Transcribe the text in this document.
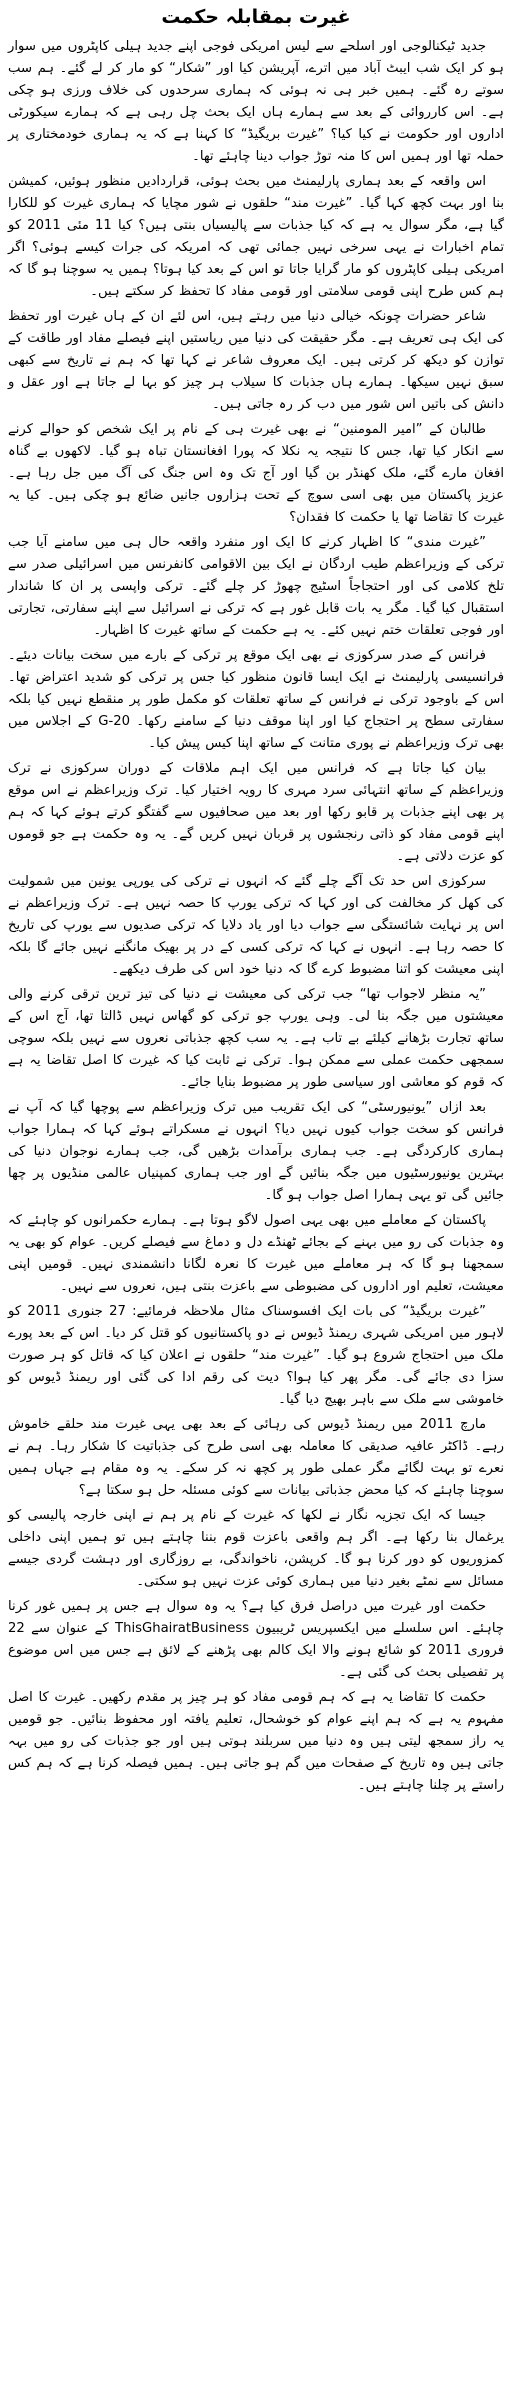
غیرت بمقابلہ حکمت

جدید ٹیکنالوجی اور اسلحے سے لیس امریکی فوجی اپنے جدید ہیلی کاپٹروں میں سوار ہو کر ایک شب ایبٹ آباد میں اترے، آپریشن کیا اور ”شکار“ کو مار کر لے گئے۔ ہم سب سوتے رہ گئے۔ ہمیں خبر ہی نہ ہوئی کہ ہماری سرحدوں کی خلاف ورزی ہو چکی ہے۔ اس کارروائی کے بعد سے ہمارے ہاں ایک بحث چل رہی ہے کہ ہمارے سیکورٹی اداروں اور حکومت نے کیا کیا؟ ”غیرت بریگیڈ“ کا کہنا ہے کہ یہ ہماری خودمختاری پر حملہ تھا اور ہمیں اس کا منہ توڑ جواب دینا چاہئے تھا۔

اس واقعہ کے بعد ہماری پارلیمنٹ میں بحث ہوئی، قراردادیں منظور ہوئیں، کمیشن بنا اور بہت کچھ کہا گیا۔ ”غیرت مند“ حلقوں نے شور مچایا کہ ہماری غیرت کو للکارا گیا ہے، مگر سوال یہ ہے کہ کیا جذبات سے پالیسیاں بنتی ہیں؟ کیا 11 مئی 2011 کو تمام اخبارات نے یہی سرخی نہیں جمائی تھی کہ امریکہ کی جرات کیسے ہوئی؟ اگر امریکی ہیلی کاپٹروں کو مار گرایا جاتا تو اس کے بعد کیا ہوتا؟ ہمیں یہ سوچنا ہو گا کہ ہم کس طرح اپنی قومی سلامتی اور قومی مفاد کا تحفظ کر سکتے ہیں۔

شاعر حضرات چونکہ خیالی دنیا میں رہتے ہیں، اس لئے ان کے ہاں غیرت اور تحفظ کی ایک ہی تعریف ہے۔ مگر حقیقت کی دنیا میں ریاستیں اپنے فیصلے مفاد اور طاقت کے توازن کو دیکھ کر کرتی ہیں۔ ایک معروف شاعر نے کہا تھا کہ ہم نے تاریخ سے کبھی سبق نہیں سیکھا۔ ہمارے ہاں جذبات کا سیلاب ہر چیز کو بہا لے جاتا ہے اور عقل و دانش کی باتیں اس شور میں دب کر رہ جاتی ہیں۔

طالبان کے ”امیر المومنین“ نے بھی غیرت ہی کے نام پر ایک شخص کو حوالے کرنے سے انکار کیا تھا، جس کا نتیجہ یہ نکلا کہ پورا افغانستان تباہ ہو گیا۔ لاکھوں بے گناہ افغان مارے گئے، ملک کھنڈر بن گیا اور آج تک وہ اس جنگ کی آگ میں جل رہا ہے۔ عزیز پاکستان میں بھی اسی سوچ کے تحت ہزاروں جانیں ضائع ہو چکی ہیں۔ کیا یہ غیرت کا تقاضا تھا یا حکمت کا فقدان؟

”غیرت مندی“ کا اظہار کرنے کا ایک اور منفرد واقعہ حال ہی میں سامنے آیا جب ترکی کے وزیراعظم طیب اردگان نے ایک بین الاقوامی کانفرنس میں اسرائیلی صدر سے تلخ کلامی کی اور احتجاجاً اسٹیج چھوڑ کر چلے گئے۔ ترکی واپسی پر ان کا شاندار استقبال کیا گیا۔ مگر یہ بات قابل غور ہے کہ ترکی نے اسرائیل سے اپنے سفارتی، تجارتی اور فوجی تعلقات ختم نہیں کئے۔ یہ ہے حکمت کے ساتھ غیرت کا اظہار۔

فرانس کے صدر سرکوزی نے بھی ایک موقع پر ترکی کے بارے میں سخت بیانات دیئے۔ فرانسیسی پارلیمنٹ نے ایک ایسا قانون منظور کیا جس پر ترکی کو شدید اعتراض تھا۔ اس کے باوجود ترکی نے فرانس کے ساتھ تعلقات کو مکمل طور پر منقطع نہیں کیا بلکہ سفارتی سطح پر احتجاج کیا اور اپنا موقف دنیا کے سامنے رکھا۔ G-20 کے اجلاس میں بھی ترک وزیراعظم نے پوری متانت کے ساتھ اپنا کیس پیش کیا۔

بیان کیا جاتا ہے کہ فرانس میں ایک اہم ملاقات کے دوران سرکوزی نے ترک وزیراعظم کے ساتھ انتہائی سرد مہری کا رویہ اختیار کیا۔ ترک وزیراعظم نے اس موقع پر بھی اپنے جذبات پر قابو رکھا اور بعد میں صحافیوں سے گفتگو کرتے ہوئے کہا کہ ہم اپنے قومی مفاد کو ذاتی رنجشوں پر قربان نہیں کریں گے۔ یہ وہ حکمت ہے جو قوموں کو عزت دلاتی ہے۔

سرکوزی اس حد تک آگے چلے گئے کہ انہوں نے ترکی کی یورپی یونین میں شمولیت کی کھل کر مخالفت کی اور کہا کہ ترکی یورپ کا حصہ نہیں ہے۔ ترک وزیراعظم نے اس پر نہایت شائستگی سے جواب دیا اور یاد دلایا کہ ترکی صدیوں سے یورپ کی تاریخ کا حصہ رہا ہے۔ انہوں نے کہا کہ ترکی کسی کے در پر بھیک مانگنے نہیں جائے گا بلکہ اپنی معیشت کو اتنا مضبوط کرے گا کہ دنیا خود اس کی طرف دیکھے۔

”یہ منظر لاجواب تھا“ جب ترکی کی معیشت نے دنیا کی تیز ترین ترقی کرنے والی معیشتوں میں جگہ بنا لی۔ وہی یورپ جو ترکی کو گھاس نہیں ڈالتا تھا، آج اس کے ساتھ تجارت بڑھانے کیلئے بے تاب ہے۔ یہ سب کچھ جذباتی نعروں سے نہیں بلکہ سوچی سمجھی حکمت عملی سے ممکن ہوا۔ ترکی نے ثابت کیا کہ غیرت کا اصل تقاضا یہ ہے کہ قوم کو معاشی اور سیاسی طور پر مضبوط بنایا جائے۔

بعد ازاں ”یونیورسٹی“ کی ایک تقریب میں ترک وزیراعظم سے پوچھا گیا کہ آپ نے فرانس کو سخت جواب کیوں نہیں دیا؟ انہوں نے مسکراتے ہوئے کہا کہ ہمارا جواب ہماری کارکردگی ہے۔ جب ہماری برآمدات بڑھیں گی، جب ہمارے نوجوان دنیا کی بہترین یونیورسٹیوں میں جگہ بنائیں گے اور جب ہماری کمپنیاں عالمی منڈیوں پر چھا جائیں گی تو یہی ہمارا اصل جواب ہو گا۔

پاکستان کے معاملے میں بھی یہی اصول لاگو ہوتا ہے۔ ہمارے حکمرانوں کو چاہئے کہ وہ جذبات کی رو میں بہنے کے بجائے ٹھنڈے دل و دماغ سے فیصلے کریں۔ عوام کو بھی یہ سمجھنا ہو گا کہ ہر معاملے میں غیرت کا نعرہ لگانا دانشمندی نہیں۔ قومیں اپنی معیشت، تعلیم اور اداروں کی مضبوطی سے باعزت بنتی ہیں، نعروں سے نہیں۔

”غیرت بریگیڈ“ کی بات ایک افسوسناک مثال ملاحظہ فرمائیے: 27 جنوری 2011 کو لاہور میں امریکی شہری ریمنڈ ڈیوس نے دو پاکستانیوں کو قتل کر دیا۔ اس کے بعد پورے ملک میں احتجاج شروع ہو گیا۔ ”غیرت مند“ حلقوں نے اعلان کیا کہ قاتل کو ہر صورت سزا دی جائے گی۔ مگر پھر کیا ہوا؟ دیت کی رقم ادا کی گئی اور ریمنڈ ڈیوس کو خاموشی سے ملک سے باہر بھیج دیا گیا۔

مارچ 2011 میں ریمنڈ ڈیوس کی رہائی کے بعد بھی یہی غیرت مند حلقے خاموش رہے۔ ڈاکٹر عافیہ صدیقی کا معاملہ بھی اسی طرح کی جذباتیت کا شکار رہا۔ ہم نے نعرے تو بہت لگائے مگر عملی طور پر کچھ نہ کر سکے۔ یہ وہ مقام ہے جہاں ہمیں سوچنا چاہئے کہ کیا محض جذباتی بیانات سے کوئی مسئلہ حل ہو سکتا ہے؟

جیسا کہ ایک تجزیہ نگار نے لکھا کہ غیرت کے نام پر ہم نے اپنی خارجہ پالیسی کو یرغمال بنا رکھا ہے۔ اگر ہم واقعی باعزت قوم بننا چاہتے ہیں تو ہمیں اپنی داخلی کمزوریوں کو دور کرنا ہو گا۔ کرپشن، ناخواندگی، بے روزگاری اور دہشت گردی جیسے مسائل سے نمٹے بغیر دنیا میں ہماری کوئی عزت نہیں ہو سکتی۔

حکمت اور غیرت میں دراصل فرق کیا ہے؟ یہ وہ سوال ہے جس پر ہمیں غور کرنا چاہئے۔ اس سلسلے میں ایکسپریس ٹریبیون ThisGhairatBusiness کے عنوان سے 22 فروری 2011 کو شائع ہونے والا ایک کالم بھی پڑھنے کے لائق ہے جس میں اس موضوع پر تفصیلی بحث کی گئی ہے۔

حکمت کا تقاضا یہ ہے کہ ہم قومی مفاد کو ہر چیز پر مقدم رکھیں۔ غیرت کا اصل مفہوم یہ ہے کہ ہم اپنے عوام کو خوشحال، تعلیم یافتہ اور محفوظ بنائیں۔ جو قومیں یہ راز سمجھ لیتی ہیں وہ دنیا میں سربلند ہوتی ہیں اور جو جذبات کی رو میں بہہ جاتی ہیں وہ تاریخ کے صفحات میں گم ہو جاتی ہیں۔ ہمیں فیصلہ کرنا ہے کہ ہم کس راستے پر چلنا چاہتے ہیں۔
